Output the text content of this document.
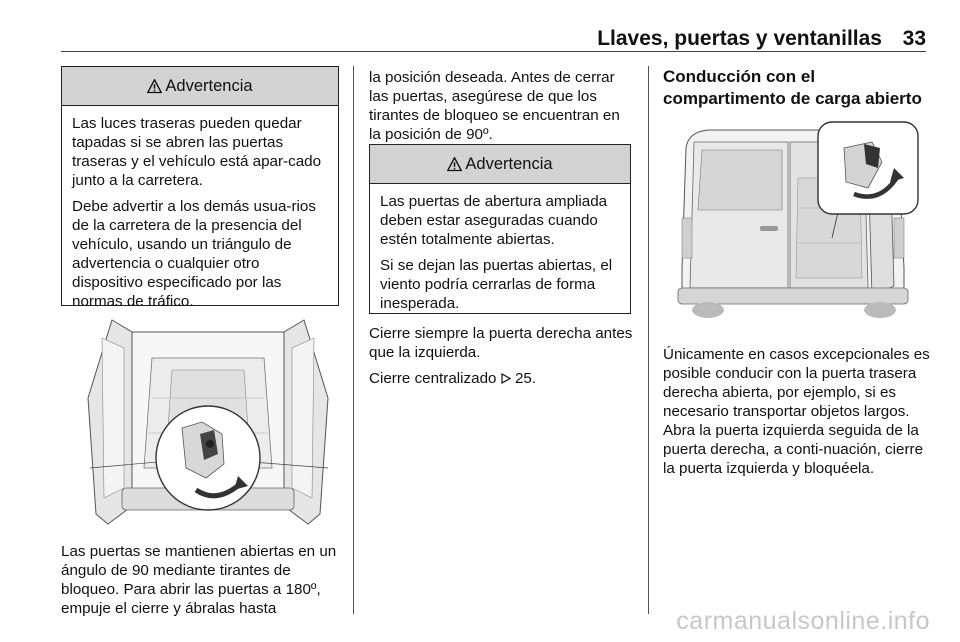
Llaves, puertas y ventanillas 33
Advertencia

Las luces traseras pueden quedar tapadas si se abren las puertas traseras y el vehículo está apar-cado junto a la carretera.

Debe advertir a los demás usua-rios de la carretera de la presencia del vehículo, usando un triángulo de advertencia o cualquier otro dispositivo especificado por las normas de tráfico.

Las puertas se mantienen abiertas en un ángulo de 90 mediante tirantes de bloqueo. Para abrir las puertas a 180º, empuje el cierre y ábralas hasta

la posición deseada. Antes de cerrar las puertas, asegúrese de que los tirantes de bloqueo se encuentran en la posición de 90º.

Advertencia

Las puertas de abertura ampliada deben estar aseguradas cuando estén totalmente abiertas.

Si se dejan las puertas abiertas, el viento podría cerrarlas de forma inesperada.

Cierre siempre la puerta derecha antes que la izquierda.

Cierre centralizado 25.

Conducción con el compartimento de carga abierto

Únicamente en casos excepcionales es posible conducir con la puerta trasera derecha abierta, por ejemplo, si es necesario transportar objetos largos. Abra la puerta izquierda seguida de la puerta derecha, a conti-nuación, cierre la puerta izquierda y bloquéela.

carmanualsonline.info
